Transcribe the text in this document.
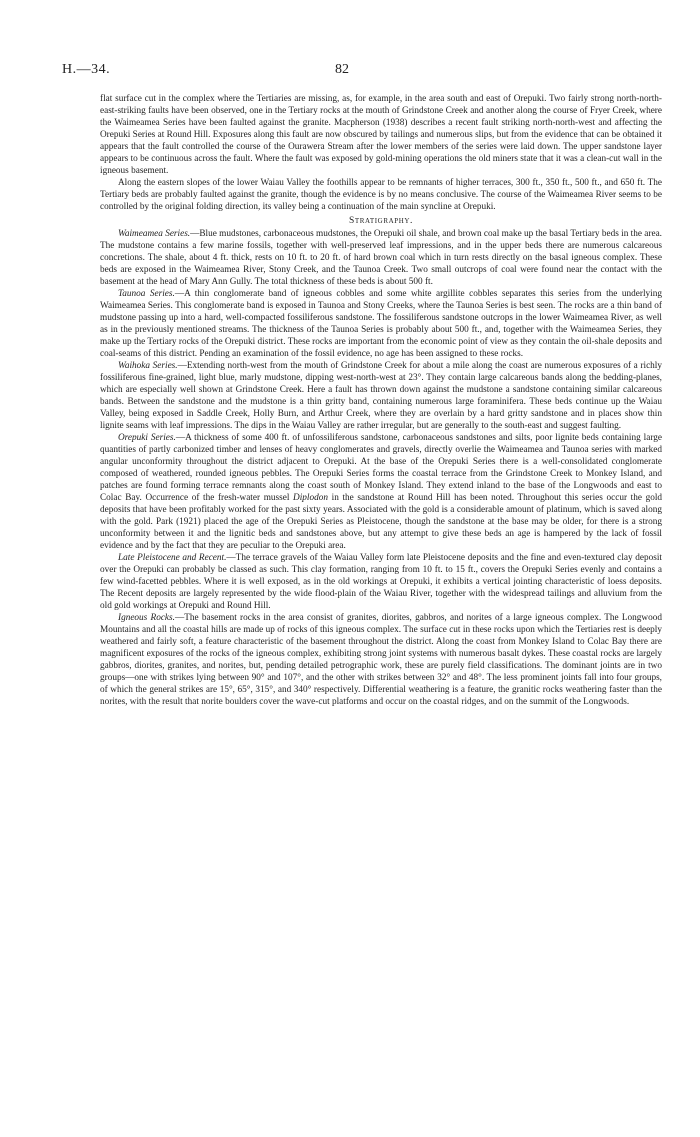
H.—34.	82

flat surface cut in the complex where the Tertiaries are missing, as, for example, in the area south and east of Orepuki. Two fairly strong north-north-east-striking faults have been observed, one in the Tertiary rocks at the mouth of Grindstone Creek and another along the course of Fryer Creek, where the Waimeamea Series have been faulted against the granite. Macpherson (1938) describes a recent fault striking north-north-west and affecting the Orepuki Series at Round Hill. Exposures along this fault are now obscured by tailings and numerous slips, but from the evidence that can be obtained it appears that the fault controlled the course of the Ourawera Stream after the lower members of the series were laid down. The upper sandstone layer appears to be continuous across the fault. Where the fault was exposed by gold-mining operations the old miners state that it was a clean-cut wall in the igneous basement.

Along the eastern slopes of the lower Waiau Valley the foothills appear to be remnants of higher terraces, 300 ft., 350 ft., 500 ft., and 650 ft. The Tertiary beds are probably faulted against the granite, though the evidence is by no means conclusive. The course of the Waimeamea River seems to be controlled by the original folding direction, its valley being a continuation of the main syncline at Orepuki.

Stratigraphy.

Waimeamea Series.—Blue mudstones, carbonaceous mudstones, the Orepuki oil shale, and brown coal make up the basal Tertiary beds in the area. The mudstone contains a few marine fossils, together with well-preserved leaf impressions, and in the upper beds there are numerous calcareous concretions. The shale, about 4 ft. thick, rests on 10 ft. to 20 ft. of hard brown coal which in turn rests directly on the basal igneous complex. These beds are exposed in the Waimeamea River, Stony Creek, and the Taunoa Creek. Two small outcrops of coal were found near the contact with the basement at the head of Mary Ann Gully. The total thickness of these beds is about 500 ft.

Taunoa Series.—A thin conglomerate band of igneous cobbles and some white argillite cobbles separates this series from the underlying Waimeamea Series. This conglomerate band is exposed in Taunoa and Stony Creeks, where the Taunoa Series is best seen. The rocks are a thin band of mudstone passing up into a hard, well-compacted fossiliferous sandstone. The fossiliferous sandstone outcrops in the lower Waimeamea River, as well as in the previously mentioned streams. The thickness of the Taunoa Series is probably about 500 ft., and, together with the Waimeamea Series, they make up the Tertiary rocks of the Orepuki district. These rocks are important from the economic point of view as they contain the oil-shale deposits and coal-seams of this district. Pending an examination of the fossil evidence, no age has been assigned to these rocks.

Waihoka Series.—Extending north-west from the mouth of Grindstone Creek for about a mile along the coast are numerous exposures of a richly fossiliferous fine-grained, light blue, marly mudstone, dipping west-north-west at 23°. They contain large calcareous bands along the bedding-planes, which are especially well shown at Grindstone Creek. Here a fault has thrown down against the mudstone a sandstone containing similar calcareous bands. Between the sandstone and the mudstone is a thin gritty band, containing numerous large foraminifera. These beds continue up the Waiau Valley, being exposed in Saddle Creek, Holly Burn, and Arthur Creek, where they are overlain by a hard gritty sandstone and in places show thin lignite seams with leaf impressions. The dips in the Waiau Valley are rather irregular, but are generally to the south-east and suggest faulting.

Orepuki Series.—A thickness of some 400 ft. of unfossiliferous sandstone, carbonaceous sandstones and silts, poor lignite beds containing large quantities of partly carbonized timber and lenses of heavy conglomerates and gravels, directly overlie the Waimeamea and Taunoa series with marked angular unconformity throughout the district adjacent to Orepuki. At the base of the Orepuki Series there is a well-consolidated conglomerate composed of weathered, rounded igneous pebbles. The Orepuki Series forms the coastal terrace from the Grindstone Creek to Monkey Island, and patches are found forming terrace remnants along the coast south of Monkey Island. They extend inland to the base of the Longwoods and east to Colac Bay. Occurrence of the fresh-water mussel Diplodon in the sandstone at Round Hill has been noted. Throughout this series occur the gold deposits that have been profitably worked for the past sixty years. Associated with the gold is a considerable amount of platinum, which is saved along with the gold. Park (1921) placed the age of the Orepuki Series as Pleistocene, though the sandstone at the base may be older, for there is a strong unconformity between it and the lignitic beds and sandstones above, but any attempt to give these beds an age is hampered by the lack of fossil evidence and by the fact that they are peculiar to the Orepuki area.

Late Pleistocene and Recent.—The terrace gravels of the Waiau Valley form late Pleistocene deposits and the fine and even-textured clay deposit over the Orepuki can probably be classed as such. This clay formation, ranging from 10 ft. to 15 ft., covers the Orepuki Series evenly and contains a few wind-facetted pebbles. Where it is well exposed, as in the old workings at Orepuki, it exhibits a vertical jointing characteristic of loess deposits. The Recent deposits are largely represented by the wide flood-plain of the Waiau River, together with the widespread tailings and alluvium from the old gold workings at Orepuki and Round Hill.

Igneous Rocks.—The basement rocks in the area consist of granites, diorites, gabbros, and norites of a large igneous complex. The Longwood Mountains and all the coastal hills are made up of rocks of this igneous complex. The surface cut in these rocks upon which the Tertiaries rest is deeply weathered and fairly soft, a feature characteristic of the basement throughout the district. Along the coast from Monkey Island to Colac Bay there are magnificent exposures of the rocks of the igneous complex, exhibiting strong joint systems with numerous basalt dykes. These coastal rocks are largely gabbros, diorites, granites, and norites, but, pending detailed petrographic work, these are purely field classifications. The dominant joints are in two groups—one with strikes lying between 90° and 107°, and the other with strikes between 32° and 48°. The less prominent joints fall into four groups, of which the general strikes are 15°, 65°, 315°, and 340° respectively. Differential weathering is a feature, the granitic rocks weathering faster than the norites, with the result that norite boulders cover the wave-cut platforms and occur on the coastal ridges, and on the summit of the Longwoods.
